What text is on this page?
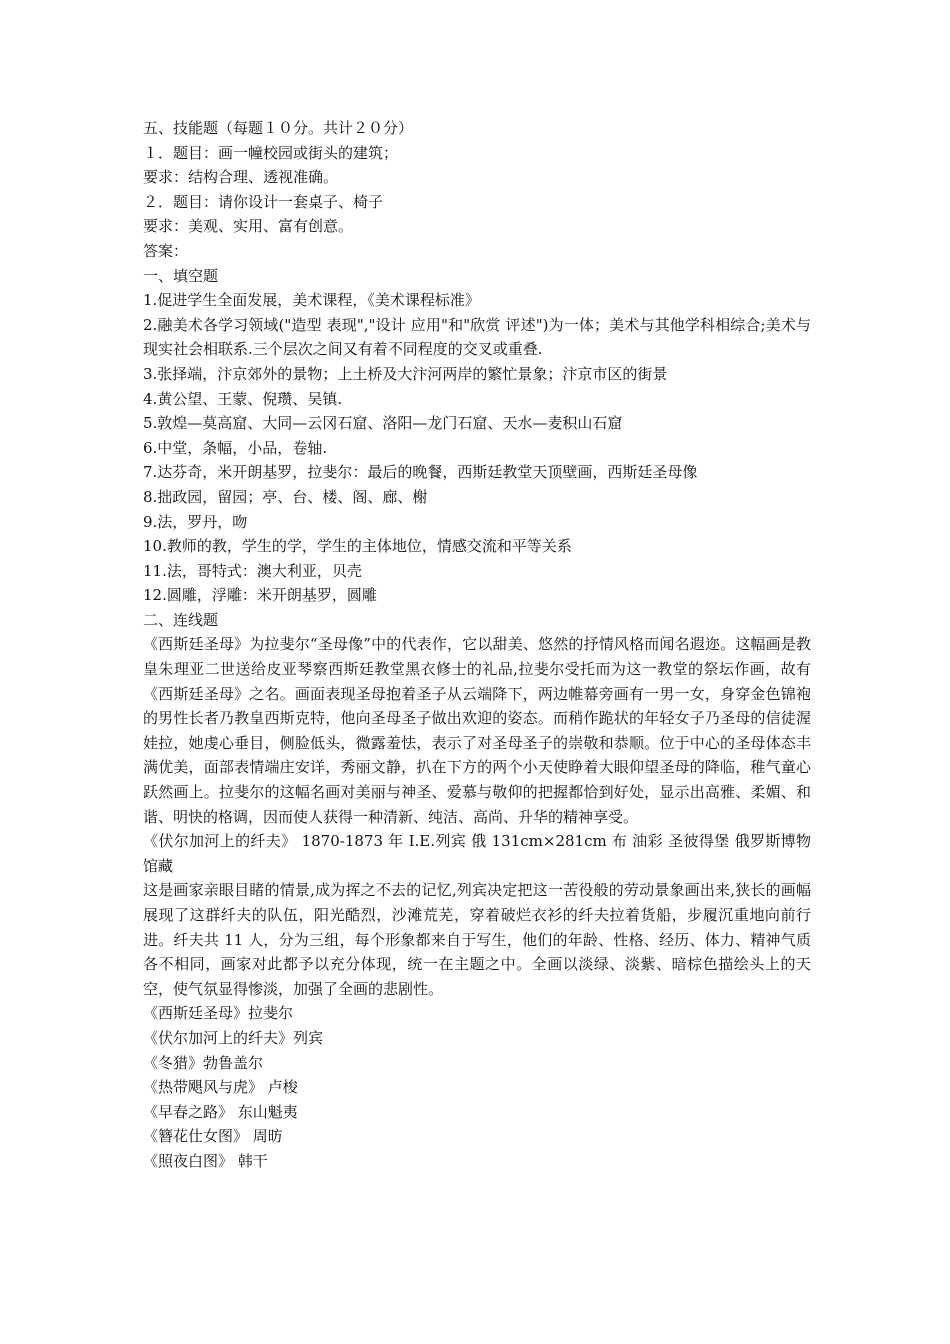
五、技能题（每题１０分。共计２０分）

１．题目：画一幢校园或街头的建筑；

要求：结构合理、透视准确。

２．题目：请你设计一套桌子、椅子

要求：美观、实用、富有创意。

答案：

一、填空题

1.促进学生全面发展，美术课程，《美术课程标准》

2.融美术各学习领域("造型 表现","设计 应用"和"欣赏 评述")为一体；美术与其他学科相综合;美术与现实社会相联系.三个层次之间又有着不同程度的交叉或重叠.

3.张择端，汴京郊外的景物；上土桥及大汴河两岸的繁忙景象；汴京市区的街景

4.黄公望、王蒙、倪瓒、吴镇.

5.敦煌—莫高窟、大同—云冈石窟、洛阳—龙门石窟、天水—麦积山石窟

6.中堂，条幅，小品，卷轴.

7.达芬奇，米开朗基罗，拉斐尔：最后的晚餐，西斯廷教堂天顶壁画，西斯廷圣母像

8.拙政园，留园；亭、台、楼、阁、廊、榭

9.法，罗丹，吻

10.教师的教，学生的学，学生的主体地位，情感交流和平等关系

11.法，哥特式：澳大利亚，贝壳

12.圆雕，浮雕：米开朗基罗，圆雕

二、连线题

《西斯廷圣母》为拉斐尔“圣母像”中的代表作，它以甜美、悠然的抒情风格而闻名遐迩。这幅画是教皇朱理亚二世送给皮亚琴察西斯廷教堂黑衣修士的礼品,拉斐尔受托而为这一教堂的祭坛作画，故有《西斯廷圣母》之名。画面表现圣母抱着圣子从云端降下，两边帷幕旁画有一男一女，身穿金色锦袍的男性长者乃教皇西斯克特，他向圣母圣子做出欢迎的姿态。而稍作跪状的年轻女子乃圣母的信徒渥娃拉，她虔心垂目，侧脸低头，微露羞怯，表示了对圣母圣子的崇敬和恭顺。位于中心的圣母体态丰满优美，面部表情端庄安详，秀丽文静，扒在下方的两个小天使睁着大眼仰望圣母的降临，稚气童心跃然画上。拉斐尔的这幅名画对美丽与神圣、爱慕与敬仰的把握都恰到好处，显示出高雅、柔媚、和谐、明快的格调，因而使人获得一种清新、纯洁、高尚、升华的精神享受。

《伏尔加河上的纤夫》 1870-1873 年 I.E.列宾 俄 131cm×281cm 布 油彩 圣彼得堡 俄罗斯博物馆藏

这是画家亲眼目睹的情景,成为挥之不去的记忆,列宾决定把这一苦役般的劳动景象画出来,狭长的画幅展现了这群纤夫的队伍，阳光酷烈，沙滩荒芜，穿着破烂衣衫的纤夫拉着货船，步履沉重地向前行进。纤夫共 11 人，分为三组，每个形象都来自于写生，他们的年龄、性格、经历、体力、精神气质各不相同，画家对此都予以充分体现，统一在主题之中。全画以淡绿、淡紫、暗棕色描绘头上的天空，使气氛显得惨淡，加强了全画的悲剧性。

《西斯廷圣母》拉斐尔

《伏尔加河上的纤夫》列宾

《冬猎》勃鲁盖尔

《热带飓风与虎》 卢梭

《早春之路》 东山魁夷

《簪花仕女图》 周昉

《照夜白图》 韩干
